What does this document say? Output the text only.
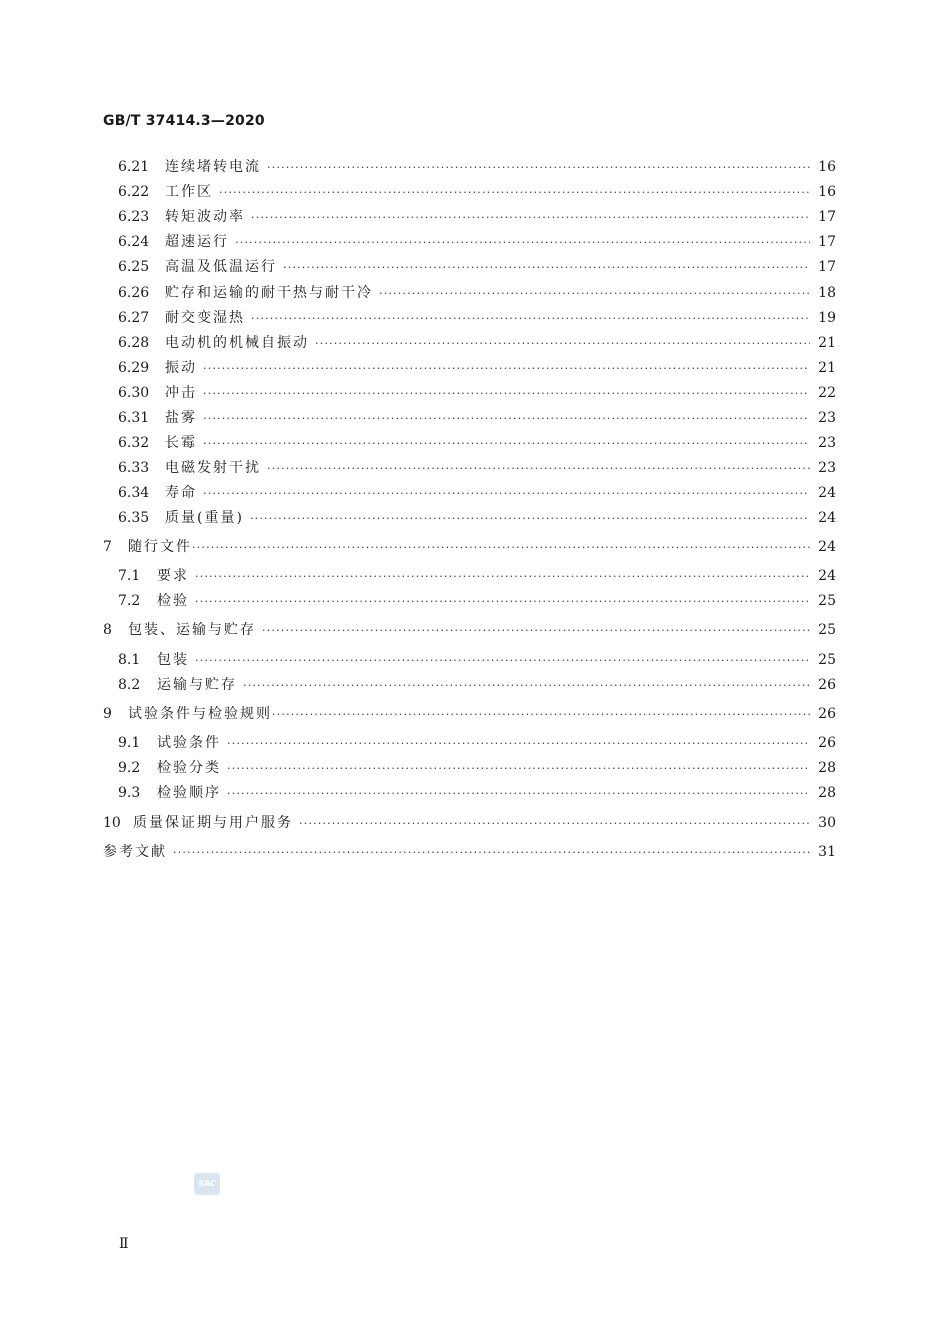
GB/T 37414.3—2020
6.21	连续堵转电流 ·····	16
6.22	工作区 ·····	16
6.23	转矩波动率 ·····	17
6.24	超速运行 ·····	17
6.25	高温及低温运行 ·····	17
6.26	贮存和运输的耐干热与耐干冷 ·····	18
6.27	耐交变湿热 ·····	19
6.28	电动机的机械自振动 ·····	21
6.29	振动 ·····	21
6.30	冲击 ·····	22
6.31	盐雾 ·····	23
6.32	长霉 ·····	23
6.33	电磁发射干扰 ·····	23
6.34	寿命 ·····	24
6.35	质量(重量) ·····	24
7	随行文件 ·····	24
7.1	要求 ·····	24
7.2	检验 ·····	25
8	包装、运输与贮存 ·····	25
8.1	包装 ·····	25
8.2	运输与贮存 ·····	26
9	试验条件与检验规则 ·····	26
9.1	试验条件 ·····	26
9.2	检验分类 ·····	28
9.3	检验顺序 ·····	28
10 质量保证期与用户服务 ·····	30
参考文献 ·····	31
SAC
Ⅱ
